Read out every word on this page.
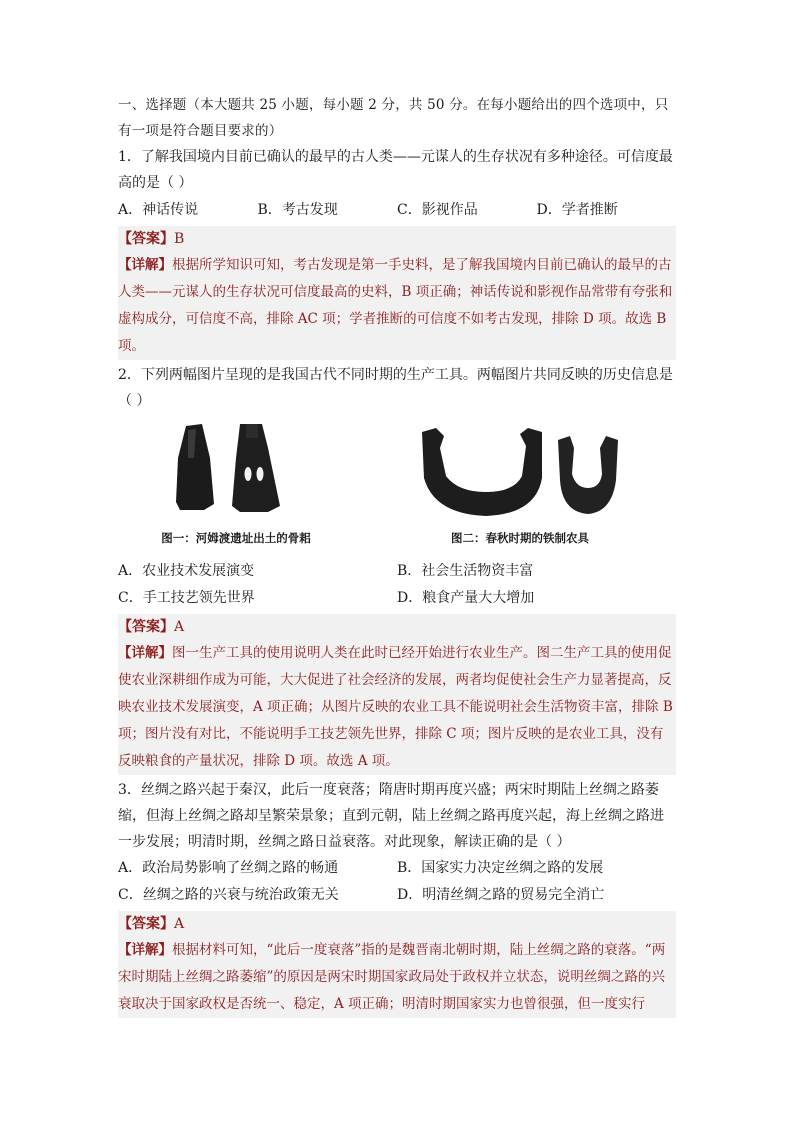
一、选择题（本大题共 25 小题，每小题 2 分，共 50 分。在每小题给出的四个选项中，只有一项是符合题目要求的）

1．了解我国境内目前已确认的最早的古人类——元谋人的生存状况有多种途径。可信度最高的是（ ）

A．神话传说	B．考古发现	C．影视作品	D．学者推断

【答案】B

【详解】根据所学知识可知，考古发现是第一手史料，是了解我国境内目前已确认的最早的古人类——元谋人的生存状况可信度最高的史料，B 项正确；神话传说和影视作品常带有夸张和虚构成分，可信度不高，排除 AC 项；学者推断的可信度不如考古发现，排除 D 项。故选 B 项。

2．下列两幅图片呈现的是我国古代不同时期的生产工具。两幅图片共同反映的历史信息是（ ）

图一：河姆渡遗址出土的骨耜	图二：春秋时期的铁制农具
A．农业技术发展演变	B．社会生活物资丰富
C．手工技艺领先世界	D．粮食产量大大增加

【答案】A

【详解】图一生产工具的使用说明人类在此时已经开始进行农业生产。图二生产工具的使用促使农业深耕细作成为可能，大大促进了社会经济的发展，两者均促使社会生产力显著提高，反映农业技术发展演变，A 项正确；从图片反映的农业工具不能说明社会生活物资丰富，排除 B 项；图片没有对比，不能说明手工技艺领先世界，排除 C 项；图片反映的是农业工具，没有反映粮食的产量状况，排除 D 项。故选 A 项。

3．丝绸之路兴起于秦汉，此后一度衰落；隋唐时期再度兴盛；两宋时期陆上丝绸之路萎缩，但海上丝绸之路却呈繁荣景象；直到元朝，陆上丝绸之路再度兴起，海上丝绸之路进一步发展；明清时期，丝绸之路日益衰落。对此现象，解读正确的是（ ）

A．政治局势影响了丝绸之路的畅通	B．国家实力决定丝绸之路的发展
C．丝绸之路的兴衰与统治政策无关	D．明清丝绸之路的贸易完全消亡

【答案】A

【详解】根据材料可知，“此后一度衰落”指的是魏晋南北朝时期，陆上丝绸之路的衰落。“两宋时期陆上丝绸之路萎缩”的原因是两宋时期国家政局处于政权并立状态，说明丝绸之路的兴衰取决于国家政权是否统一、稳定，A 项正确；明清时期国家实力也曾很强，但一度实行
